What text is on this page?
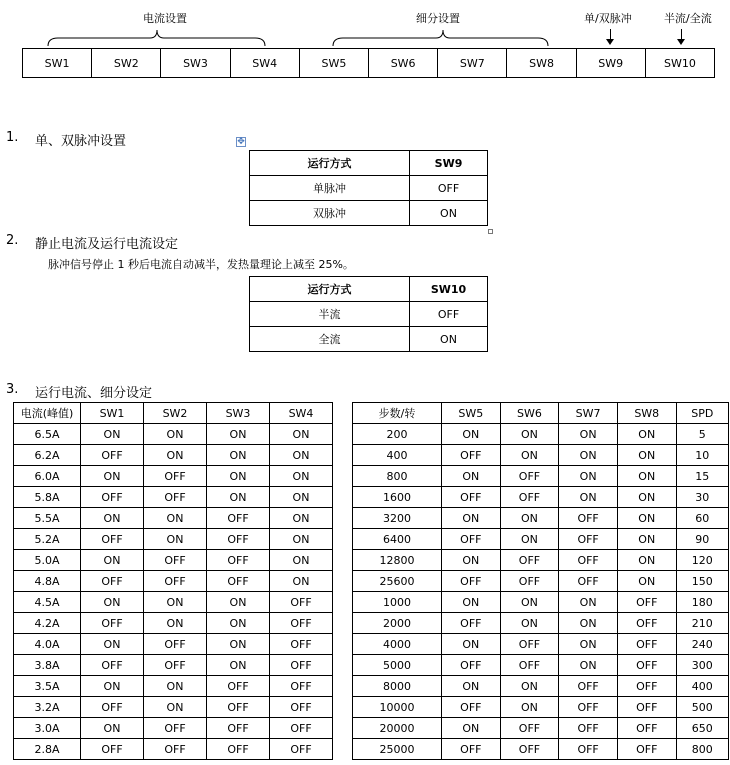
电流设置	细分设置	单/双脉冲	半流/全流
SW1	SW2	SW3	SW4	SW5	SW6	SW7	SW8	SW9	SW10
1. 单、双脉冲设置	✥
运行方式	SW9
单脉冲	OFF
双脉冲	ON
2. 静止电流及运行电流设定
脉冲信号停止 1 秒后电流自动减半，发热量理论上减至 25%。
运行方式	SW10
半流	OFF
全流	ON
3. 运行电流、细分设定
电流(峰值)	SW1	SW2	SW3	SW4
6.5A	ON	ON	ON	ON
6.2A	OFF	ON	ON	ON
6.0A	ON	OFF	ON	ON
5.8A	OFF	OFF	ON	ON
5.5A	ON	ON	OFF	ON
5.2A	OFF	ON	OFF	ON
5.0A	ON	OFF	OFF	ON
4.8A	OFF	OFF	OFF	ON
4.5A	ON	ON	ON	OFF
4.2A	OFF	ON	ON	OFF
4.0A	ON	OFF	ON	OFF
3.8A	OFF	OFF	ON	OFF
3.5A	ON	ON	OFF	OFF
3.2A	OFF	ON	OFF	OFF
3.0A	ON	OFF	OFF	OFF
2.8A	OFF	OFF	OFF	OFF
步数/转	SW5	SW6	SW7	SW8	SPD
200	ON	ON	ON	ON	5
400	OFF	ON	ON	ON	10
800	ON	OFF	ON	ON	15
1600	OFF	OFF	ON	ON	30
3200	ON	ON	OFF	ON	60
6400	OFF	ON	OFF	ON	90
12800	ON	OFF	OFF	ON	120
25600	OFF	OFF	OFF	ON	150
1000	ON	ON	ON	OFF	180
2000	OFF	ON	ON	OFF	210
4000	ON	OFF	ON	OFF	240
5000	OFF	OFF	ON	OFF	300
8000	ON	ON	OFF	OFF	400
10000	OFF	ON	OFF	OFF	500
20000	ON	OFF	OFF	OFF	650
25000	OFF	OFF	OFF	OFF	800
